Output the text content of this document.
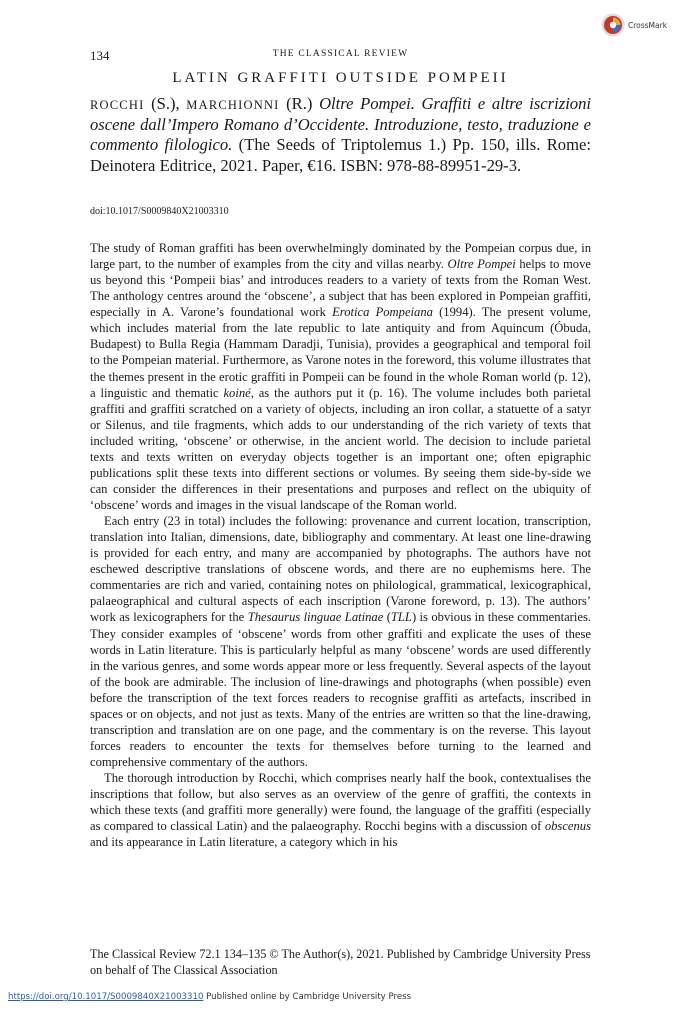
CrossMark
134	THE CLASSICAL REVIEW
LATIN GRAFFITI OUTSIDE POMPEII

ROCCHI (S.), MARCHIONNI (R.) Oltre Pompei. Graffiti e altre iscrizioni oscene dall’Impero Romano d’Occidente. Introduzione, testo, traduzione e commento filologico. (The Seeds of Triptolemus 1.) Pp. 150, ills. Rome: Deinotera Editrice, 2021. Paper, €16. ISBN: 978-88-89951-29-3.

doi:10.1017/S0009840X21003310

The study of Roman graffiti has been overwhelmingly dominated by the Pompeian corpus due, in large part, to the number of examples from the city and villas nearby. Oltre Pompei helps to move us beyond this ‘Pompeii bias’ and introduces readers to a variety of texts from the Roman West. The anthology centres around the ‘obscene’, a subject that has been explored in Pompeian graffiti, especially in A. Varone’s foundational work Erotica Pompeiana (1994). The present volume, which includes material from the late republic to late antiquity and from Aquincum (Óbuda, Budapest) to Bulla Regia (Hammam Daradji, Tunisia), provides a geographical and temporal foil to the Pompeian material. Furthermore, as Varone notes in the foreword, this volume illustrates that the themes present in the erotic graffiti in Pompeii can be found in the whole Roman world (p. 12), a linguistic and thematic koiné, as the authors put it (p. 16). The volume includes both parietal graffiti and graffiti scratched on a variety of objects, including an iron collar, a statuette of a satyr or Silenus, and tile fragments, which adds to our understanding of the rich variety of texts that included writing, ‘obscene’ or otherwise, in the ancient world. The decision to include parietal texts and texts written on everyday objects together is an important one; often epigraphic publications split these texts into different sections or volumes. By seeing them side-by-side we can consider the differences in their presentations and purposes and reflect on the ubiquity of ‘obscene’ words and images in the visual landscape of the Roman world.

Each entry (23 in total) includes the following: provenance and current location, transcription, translation into Italian, dimensions, date, bibliography and commentary. At least one line-drawing is provided for each entry, and many are accompanied by photographs. The authors have not eschewed descriptive translations of obscene words, and there are no euphemisms here. The commentaries are rich and varied, containing notes on philological, grammatical, lexicographical, palaeographical and cultural aspects of each inscription (Varone foreword, p. 13). The authors’ work as lexicographers for the Thesaurus linguae Latinae (TLL) is obvious in these commentaries. They consider examples of ‘obscene’ words from other graffiti and explicate the uses of these words in Latin literature. This is particularly helpful as many ‘obscene’ words are used differently in the various genres, and some words appear more or less frequently. Several aspects of the layout of the book are admirable. The inclusion of line-drawings and photographs (when possible) even before the transcription of the text forces readers to recognise graffiti as artefacts, inscribed in spaces or on objects, and not just as texts. Many of the entries are written so that the line-drawing, transcription and translation are on one page, and the commentary is on the reverse. This layout forces readers to encounter the texts for themselves before turning to the learned and comprehensive commentary of the authors.

The thorough introduction by Rocchi, which comprises nearly half the book, contextualises the inscriptions that follow, but also serves as an overview of the genre of graffiti, the contexts in which these texts (and graffiti more generally) were found, the language of the graffiti (especially as compared to classical Latin) and the palaeography. Rocchi begins with a discussion of obscenus and its appearance in Latin literature, a category which in his

The Classical Review 72.1 134–135 © The Author(s), 2021. Published by Cambridge University Press
on behalf of The Classical Association
https://doi.org/10.1017/S0009840X21003310 Published online by Cambridge University Press
